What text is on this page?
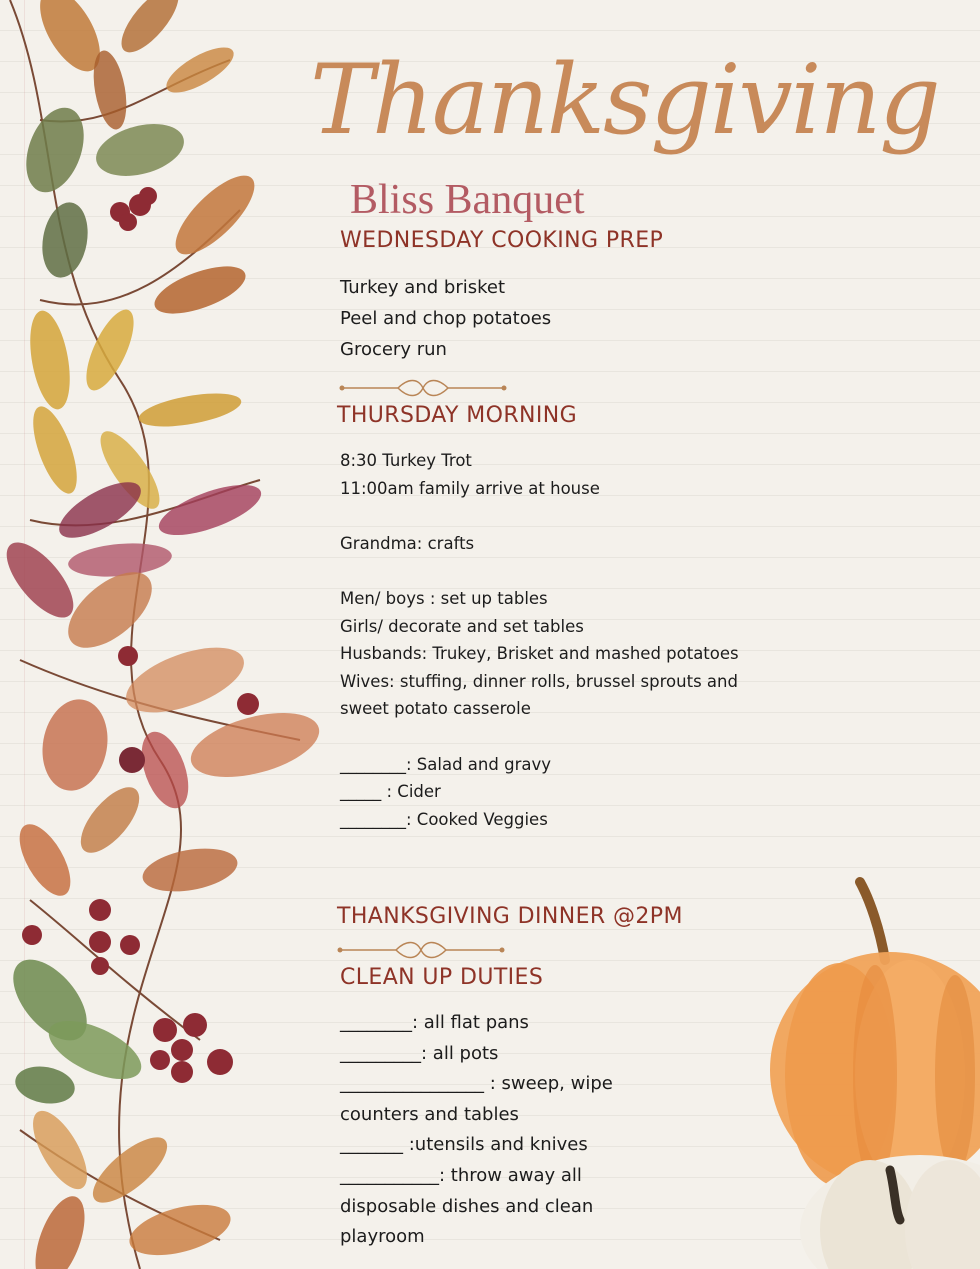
Thanksgiving
Bliss Banquet
WEDNESDAY COOKING PREP
Turkey and brisket
Peel and chop potatoes
Grocery run
THURSDAY MORNING
8:30 Turkey Trot
11:00am family arrive at house
Grandma: crafts
Men/ boys : set up tables
Girls/ decorate and set tables
Husbands: Trukey, Brisket and mashed potatoes
Wives: stuffing, dinner rolls, brussel sprouts and sweet potato casserole
________: Salad and gravy
_____ : Cider
________: Cooked Veggies
THANKSGIVING DINNER @2PM
CLEAN UP DUTIES
________: all flat pans
_________: all pots
________________ : sweep, wipe counters and tables
_______ :utensils and knives
___________: throw away all disposable dishes and clean playroom
